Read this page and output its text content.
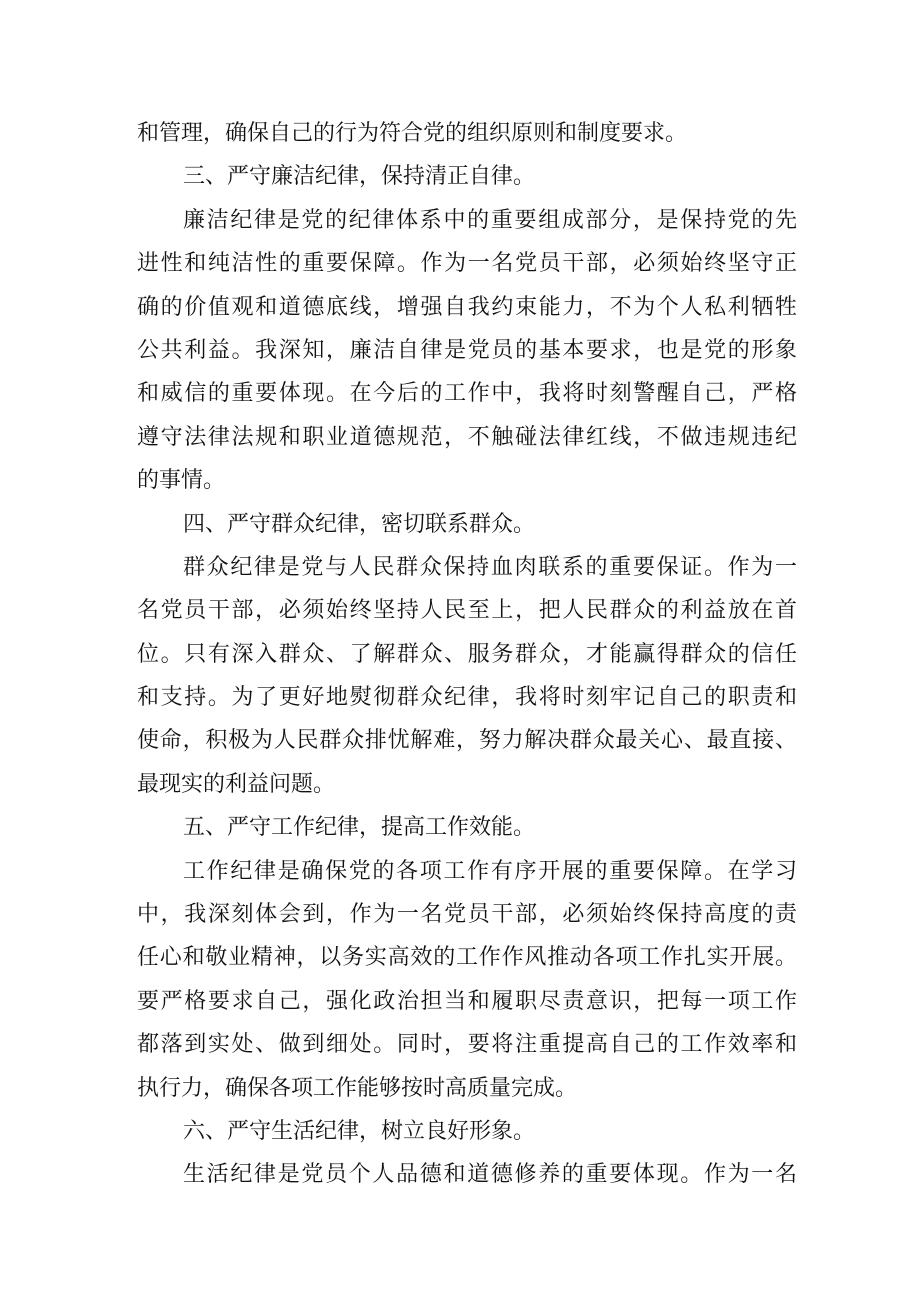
和管理，确保自己的行为符合党的组织原则和制度要求。
三、严守廉洁纪律，保持清正自律。
廉洁纪律是党的纪律体系中的重要组成部分，是保持党的先
进性和纯洁性的重要保障。作为一名党员干部，必须始终坚守正
确的价值观和道德底线，增强自我约束能力，不为个人私利牺牲
公共利益。我深知，廉洁自律是党员的基本要求，也是党的形象
和威信的重要体现。在今后的工作中，我将时刻警醒自己，严格
遵守法律法规和职业道德规范，不触碰法律红线，不做违规违纪
的事情。
四、严守群众纪律，密切联系群众。
群众纪律是党与人民群众保持血肉联系的重要保证。作为一
名党员干部，必须始终坚持人民至上，把人民群众的利益放在首
位。只有深入群众、了解群众、服务群众，才能赢得群众的信任
和支持。为了更好地熨彻群众纪律，我将时刻牢记自己的职责和
使命，积极为人民群众排忧解难，努力解决群众最关心、最直接、
最现实的利益问题。
五、严守工作纪律，提高工作效能。
工作纪律是确保党的各项工作有序开展的重要保障。在学习
中，我深刻体会到，作为一名党员干部，必须始终保持高度的责
任心和敬业精神，以务实高效的工作作风推动各项工作扎实开展。
要严格要求自己，强化政治担当和履职尽责意识，把每一项工作
都落到实处、做到细处。同时，要将注重提高自己的工作效率和
执行力，确保各项工作能够按时高质量完成。
六、严守生活纪律，树立良好形象。
生活纪律是党员个人品德和道德修养的重要体现。作为一名
